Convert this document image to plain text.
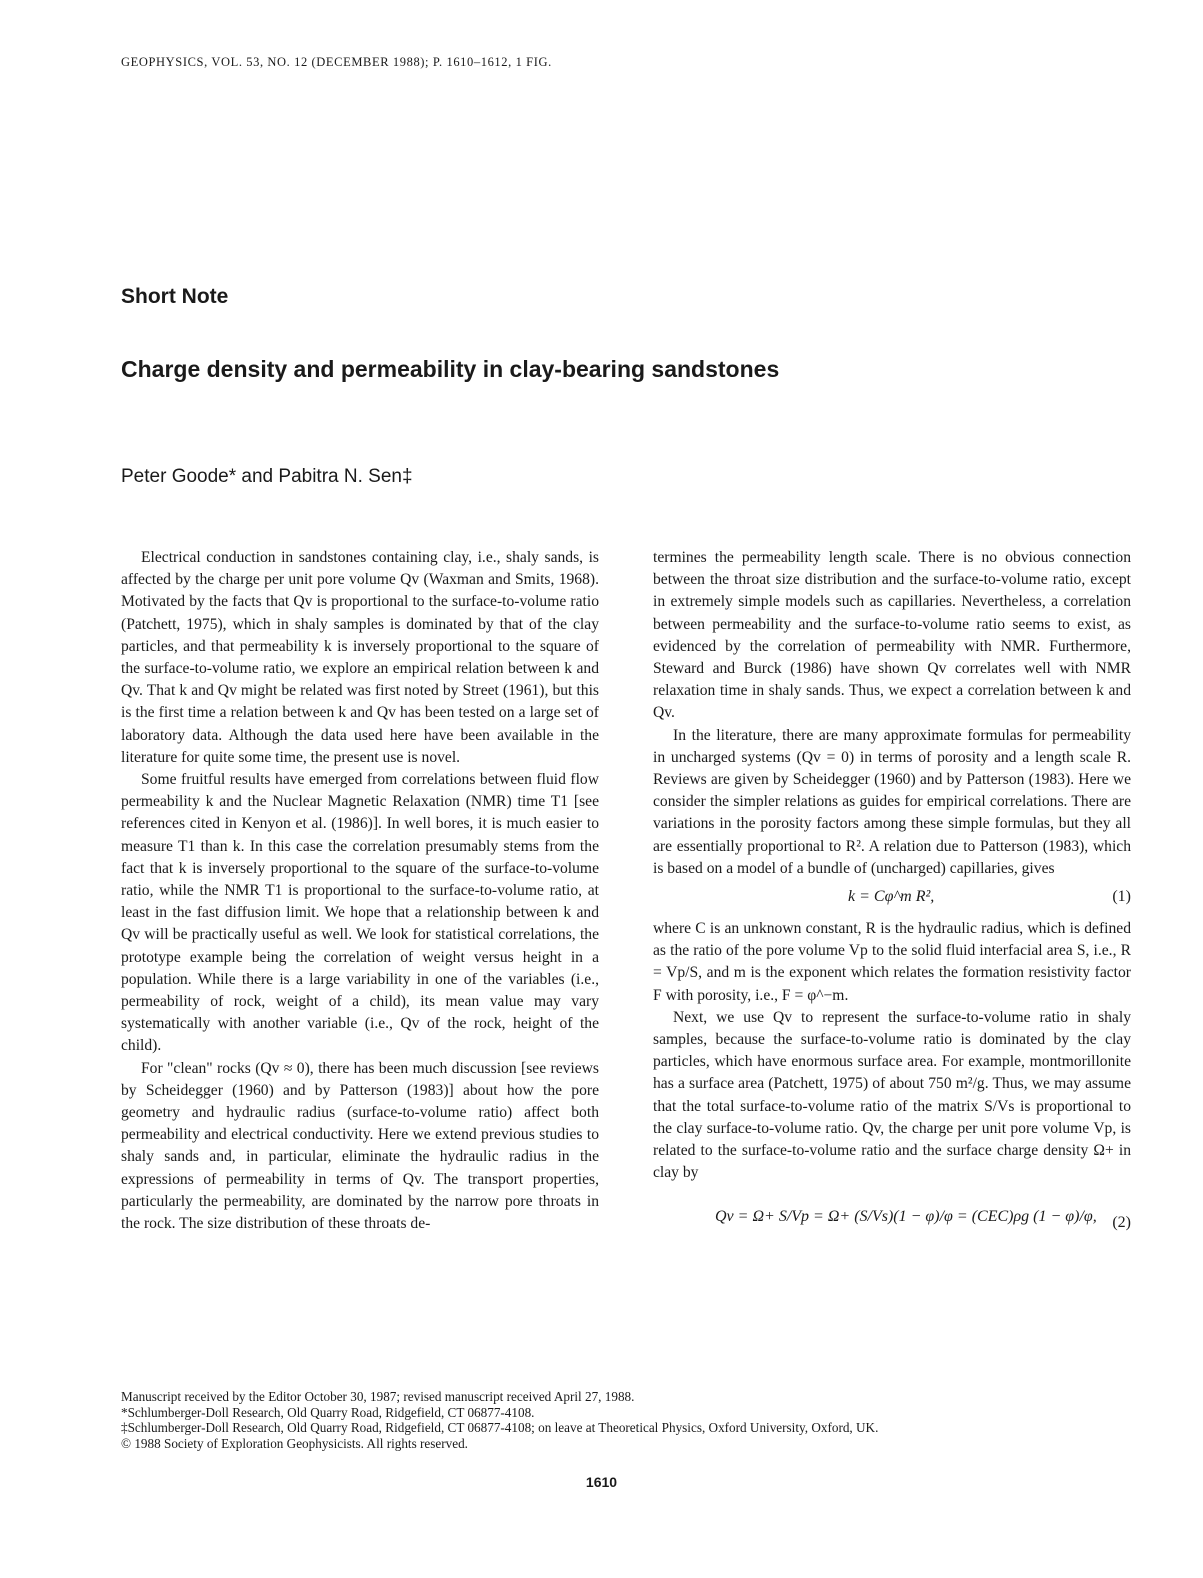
GEOPHYSICS, VOL. 53, NO. 12 (DECEMBER 1988); P. 1610–1612, 1 FIG.
Short Note
Charge density and permeability in clay-bearing sandstones
Peter Goode* and Pabitra N. Sen‡

Electrical conduction in sandstones containing clay, i.e., shaly sands, is affected by the charge per unit pore volume Qv (Waxman and Smits, 1968). Motivated by the facts that Qv is proportional to the surface-to-volume ratio (Patchett, 1975), which in shaly samples is dominated by that of the clay particles, and that permeability k is inversely proportional to the square of the surface-to-volume ratio, we explore an empirical relation between k and Qv. That k and Qv might be related was first noted by Street (1961), but this is the first time a relation between k and Qv has been tested on a large set of laboratory data. Although the data used here have been available in the literature for quite some time, the present use is novel.

Some fruitful results have emerged from correlations between fluid flow permeability k and the Nuclear Magnetic Relaxation (NMR) time T1 [see references cited in Kenyon et al. (1986)]. In well bores, it is much easier to measure T1 than k. In this case the correlation presumably stems from the fact that k is inversely proportional to the square of the surface-to-volume ratio, while the NMR T1 is proportional to the surface-to-volume ratio, at least in the fast diffusion limit. We hope that a relationship between k and Qv will be practically useful as well. We look for statistical correlations, the prototype example being the correlation of weight versus height in a population. While there is a large variability in one of the variables (i.e., permeability of rock, weight of a child), its mean value may vary systematically with another variable (i.e., Qv of the rock, height of the child).

For "clean" rocks (Qv ≈ 0), there has been much discussion [see reviews by Scheidegger (1960) and by Patterson (1983)] about how the pore geometry and hydraulic radius (surface-to-volume ratio) affect both permeability and electrical conductivity. Here we extend previous studies to shaly sands and, in particular, eliminate the hydraulic radius in the expressions of permeability in terms of Qv. The transport properties, particularly the permeability, are dominated by the narrow pore throats in the rock. The size distribution of these throats de-

termines the permeability length scale. There is no obvious connection between the throat size distribution and the surface-to-volume ratio, except in extremely simple models such as capillaries. Nevertheless, a correlation between permeability and the surface-to-volume ratio seems to exist, as evidenced by the correlation of permeability with NMR. Furthermore, Steward and Burck (1986) have shown Qv correlates well with NMR relaxation time in shaly sands. Thus, we expect a correlation between k and Qv.

In the literature, there are many approximate formulas for permeability in uncharged systems (Qv = 0) in terms of porosity and a length scale R. Reviews are given by Scheidegger (1960) and by Patterson (1983). Here we consider the simpler relations as guides for empirical correlations. There are variations in the porosity factors among these simple formulas, but they all are essentially proportional to R². A relation due to Patterson (1983), which is based on a model of a bundle of (uncharged) capillaries, gives

k = Cφ^m R²,	(1)

where C is an unknown constant, R is the hydraulic radius, which is defined as the ratio of the pore volume Vp to the solid fluid interfacial area S, i.e., R = Vp/S, and m is the exponent which relates the formation resistivity factor F with porosity, i.e., F = φ^−m.

Next, we use Qv to represent the surface-to-volume ratio in shaly samples, because the surface-to-volume ratio is dominated by the clay particles, which have enormous surface area. For example, montmorillonite has a surface area (Patchett, 1975) of about 750 m²/g. Thus, we may assume that the total surface-to-volume ratio of the matrix S/Vs is proportional to the clay surface-to-volume ratio. Qv, the charge per unit pore volume Vp, is related to the surface-to-volume ratio and the surface charge density Ω+ in clay by

Qv = Ω+ S/Vp = Ω+ (S/Vs)(1 − φ)/φ = (CEC)ρg (1 − φ)/φ, (2)
Manuscript received by the Editor October 30, 1987; revised manuscript received April 27, 1988.
*Schlumberger-Doll Research, Old Quarry Road, Ridgefield, CT 06877-4108.
‡Schlumberger-Doll Research, Old Quarry Road, Ridgefield, CT 06877-4108; on leave at Theoretical Physics, Oxford University, Oxford, UK.
© 1988 Society of Exploration Geophysicists. All rights reserved.
1610
